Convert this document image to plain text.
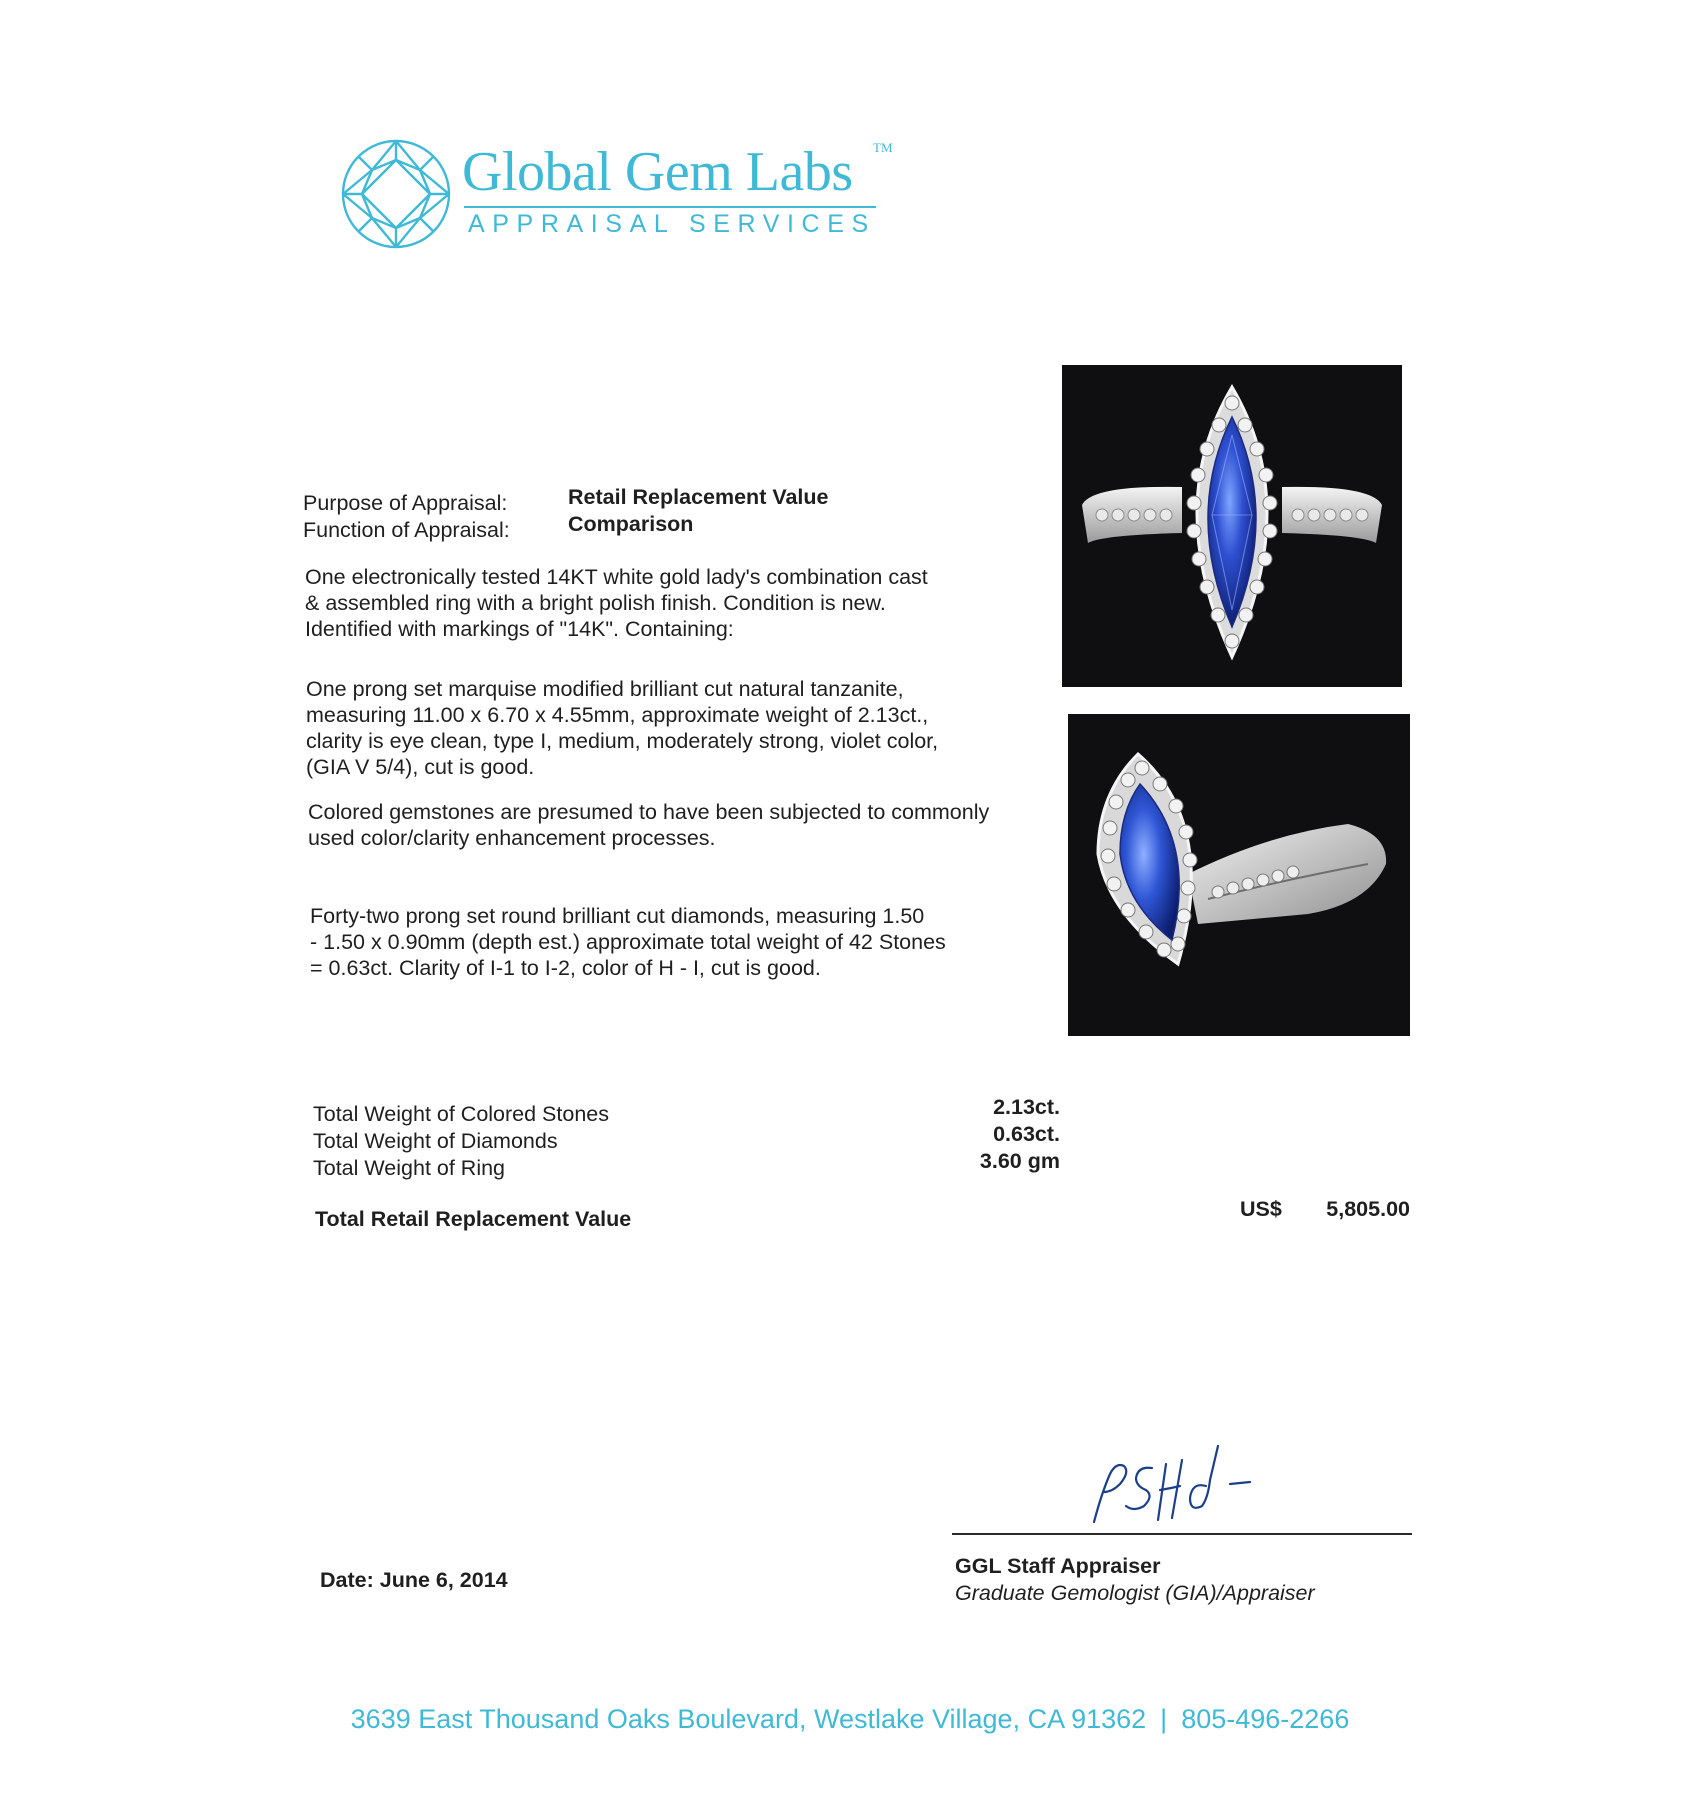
Global Gem Labs TM
APPRAISAL SERVICES
Purpose of Appraisal:	Retail Replacement Value
Function of Appraisal:	Comparison
One electronically tested 14KT white gold lady's combination cast
& assembled ring with a bright polish finish. Condition is new.
Identified with markings of "14K". Containing:
One prong set marquise modified brilliant cut natural tanzanite,
measuring 11.00 x 6.70 x 4.55mm, approximate weight of 2.13ct.,
clarity is eye clean, type I, medium, moderately strong, violet color,
(GIA V 5/4), cut is good.
Colored gemstones are presumed to have been subjected to commonly
used color/clarity enhancement processes.
Forty-two prong set round brilliant cut diamonds, measuring 1.50
- 1.50 x 0.90mm (depth est.) approximate total weight of 42 Stones
= 0.63ct. Clarity of I-1 to I-2, color of H - I, cut is good.
Total Weight of Colored Stones	2.13ct.
Total Weight of Diamonds	0.63ct.
Total Weight of Ring	3.60 gm
Total Retail Replacement Value	US$	5,805.00
GGL Staff Appraiser
Graduate Gemologist (GIA)/Appraiser
Date: June 6, 2014
3639 East Thousand Oaks Boulevard, Westlake Village, CA 91362 | 805-496-2266
